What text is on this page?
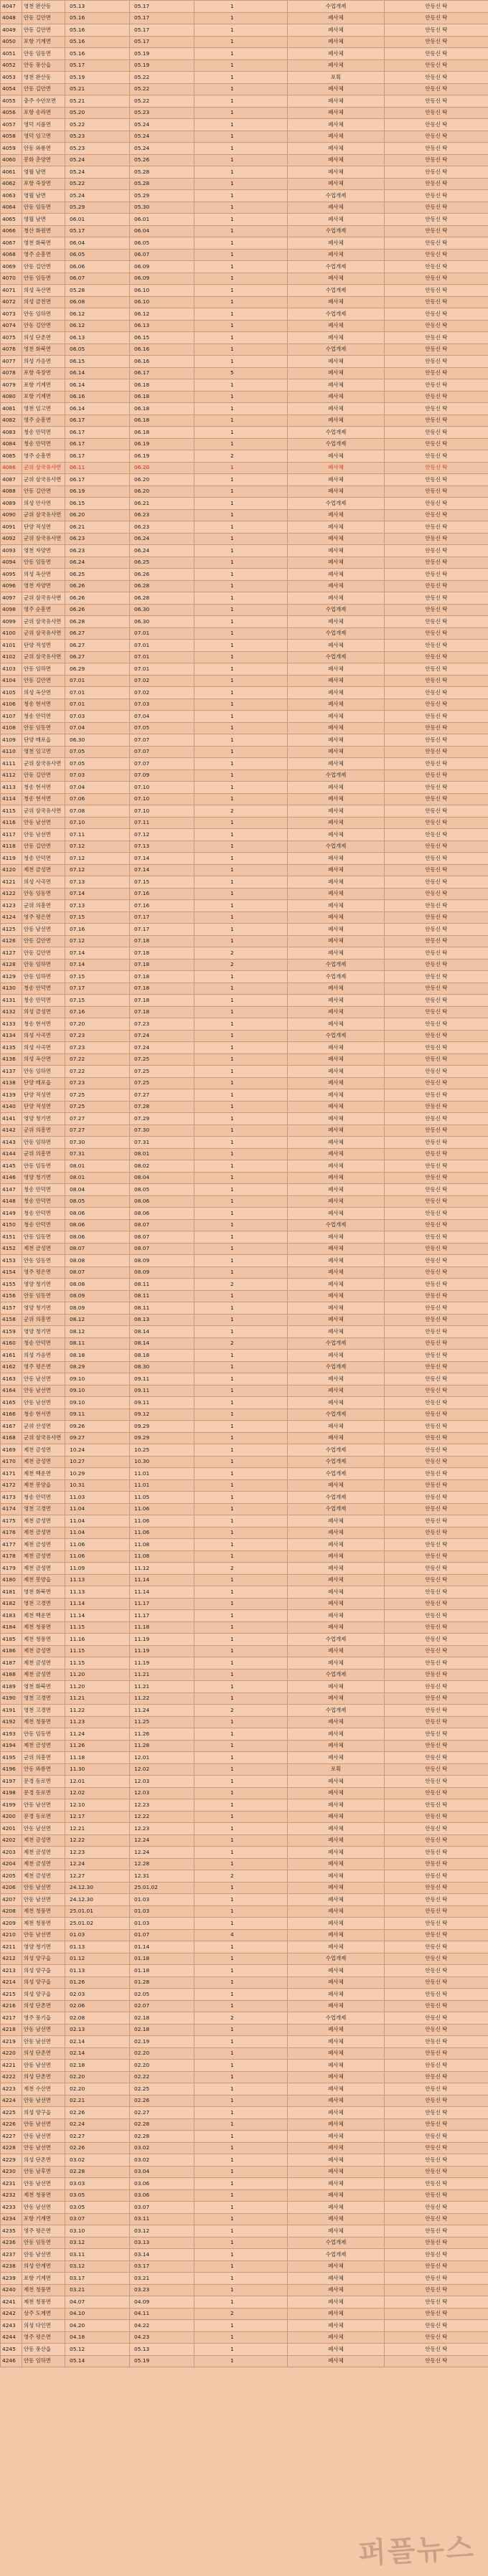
4047	영천 완산동	05.13	05.17	1	수업개제	안동신 탁
4048	안동 길안면	05.16	05.17	1	폐사체	안동신 탁
4049	안동 길안면	05.16	05.17	1	폐사체	안동신 탁
4050	포항 기계면	05.16	05.17	1	폐사체	안동신 탁
4051	안동 임동면	05.16	05.19	1	폐사체	안동신 탁
4052	안동 풍산읍	05.17	05.19	1	폐사체	안동신 탁
4053	영천 완산동	05.19	05.22	1	포획	안동신 탁
4054	안동 길안면	05.21	05.22	1	폐사체	안동신 탁
4055	충주 수안보면	05.21	05.22	1	폐사체	안동신 탁
4056	포항 송라면	05.20	05.23	1	폐사체	안동신 탁
4057	영덕 지품면	05.22	05.24	1	폐사체	안동신 탁
4058	영덕 임고면	05.23	05.24	1	폐사체	안동신 탁
4059	안동 와룡면	05.23	05.24	1	폐사체	안동신 탁
4060	봉화 춘양면	05.24	05.26	1	폐사체	안동신 탁
4061	영월 남면	05.24	05.28	1	폐사체	안동신 탁
4062	포항 죽장면	05.22	05.28	1	폐사체	안동신 탁
4063	영월 남면	05.24	05.29	1	수업개제	안동신 탁
4064	안동 임동면	05.29	05.30	1	폐사체	안동신 탁
4065	영월 남면	06.01	06.01	1	폐사체	안동신 탁
4066	청산 화원면	05.17	06.04	1	수업개제	안동신 탁
4067	영천 화북면	06.04	06.05	1	폐사체	안동신 탁
4068	영주 순흥면	06.05	06.07	1	폐사체	안동신 탁
4069	안동 길안면	06.06	06.09	1	수업개제	안동신 탁
4070	안동 임동면	06.07	06.09	1	폐사체	안동신 탁
4071	의성 옥산면	05.28	06.10	1	수업개제	안동신 탁
4072	의성 금천면	06.08	06.10	1	폐사체	안동신 탁
4073	안동 임하면	06.12	06.12	1	수업개제	안동신 탁
4074	안동 길안면	06.12	06.13	1	폐사체	안동신 탁
4075	의성 단촌면	06.13	06.15	1	폐사체	안동신 탁
4076	영천 화북면	06.05	06.16	1	수업개제	안동신 탁
4077	의성 가음면	06.15	06.16	1	폐사체	안동신 탁
4078	포항 죽장면	06.14	06.17	5	폐사체	안동신 탁
4079	포항 기계면	06.14	06.18	1	폐사체	안동신 탁
4080	포항 기계면	06.16	06.18	1	폐사체	안동신 탁
4081	영천 임고면	06.14	06.18	1	폐사체	안동신 탁
4082	영주 순흥면	06.17	06.18	1	폐사체	안동신 탁
4083	청송 안덕면	06.17	06.18	1	수업개제	안동신 탁
4084	청송 안덕면	06.17	06.19	1	수업개제	안동신 탁
4085	영주 순흥면	06.17	06.19	2	폐사체	안동신 탁
4086	군위 삼국유사면	06.11	06.20	1	폐사체	안동신 탁
4087	군위 삼국유사면	06.17	06.20	1	폐사체	안동신 탁
4088	안동 길안면	06.19	06.20	1	폐사체	안동신 탁
4089	의성 안사면	06.15	06.21	1	수업개제	안동신 탁
4090	군위 삼국유사면	06.20	06.23	1	폐사체	안동신 탁
4091	단양 적성면	06.21	06.23	1	폐사체	안동신 탁
4092	군위 삼국유사면	06.23	06.24	1	폐사체	안동신 탁
4093	영천 자양면	06.23	06.24	1	폐사체	안동신 탁
4094	안동 임동면	06.24	06.25	1	폐사체	안동신 탁
4095	의성 옥산면	06.25	06.26	1	폐사체	안동신 탁
4096	영천 자양면	06.26	06.28	1	폐사체	안동신 탁
4097	군위 삼국유사면	06.26	06.28	1	폐사체	안동신 탁
4098	영주 순흥면	06.26	06.30	1	수업개제	안동신 탁
4099	군위 삼국유사면	06.28	06.30	1	폐사체	안동신 탁
4100	군위 삼국유사면	06.27	07.01	1	수업개제	안동신 탁
4101	단양 적성면	06.27	07.01	1	폐사체	안동신 탁
4102	군위 삼국유사면	06.27	07.01	1	수업개제	안동신 탁
4103	안동 임하면	06.29	07.01	1	폐사체	안동신 탁
4104	안동 길안면	07.01	07.02	1	폐사체	안동신 탁
4105	의성 옥산면	07.01	07.02	1	폐사체	안동신 탁
4106	청송 현서면	07.01	07.03	1	폐사체	안동신 탁
4107	청송 안덕면	07.03	07.04	1	폐사체	안동신 탁
4108	안동 임동면	07.04	07.05	1	폐사체	안동신 탁
4109	단양 매포읍	06.30	07.07	1	폐사체	안동신 탁
4110	영천 임고면	07.05	07.07	1	폐사체	안동신 탁
4111	군위 삼국유사면	07.05	07.07	1	폐사체	안동신 탁
4112	안동 길안면	07.03	07.09	1	수업개제	안동신 탁
4113	청송 현서면	07.04	07.10	1	폐사체	안동신 탁
4114	청송 현서면	07.06	07.10	1	폐사체	안동신 탁
4115	군위 삼국유사면	07.08	07.10	2	폐사체	안동신 탁
4116	안동 남선면	07.10	07.11	1	폐사체	안동신 탁
4117	안동 남선면	07.11	07.12	1	폐사체	안동신 탁
4118	안동 길안면	07.12	07.13	1	수업개제	안동신 탁
4119	청송 안덕면	07.12	07.14	1	폐사체	안동신 탁
4120	제천 금성면	07.12	07.14	1	폐사체	안동신 탁
4121	의성 사곡면	07.13	07.15	1	폐사체	안동신 탁
4122	안동 임동면	07.14	07.16	1	폐사체	안동신 탁
4123	군위 의흥면	07.13	07.16	1	폐사체	안동신 탁
4124	영주 평은면	07.15	07.17	1	폐사체	안동신 탁
4125	안동 남선면	07.16	07.17	1	폐사체	안동신 탁
4126	안동 길안면	07.12	07.18	1	폐사체	안동신 탁
4127	안동 길안면	07.14	07.18	2	폐사체	안동신 탁
4128	안동 임하면	07.14	07.18	2	수업개제	안동신 탁
4129	안동 임하면	07.15	07.18	1	수업개제	안동신 탁
4130	청송 안덕면	07.17	07.18	1	폐사체	안동신 탁
4131	청송 안덕면	07.15	07.18	1	폐사체	안동신 탁
4132	의성 금성면	07.16	07.18	1	폐사체	안동신 탁
4133	청송 현서면	07.20	07.23	1	폐사체	안동신 탁
4134	의성 사곡면	07.23	07.24	1	수업개제	안동신 탁
4135	의성 사곡면	07.23	07.24	1	폐사체	안동신 탁
4136	의성 옥산면	07.22	07.25	1	폐사체	안동신 탁
4137	안동 임하면	07.22	07.25	1	폐사체	안동신 탁
4138	단양 매포읍	07.23	07.25	1	폐사체	안동신 탁
4139	단양 적성면	07.25	07.27	1	폐사체	안동신 탁
4140	단양 적성면	07.25	07.28	1	폐사체	안동신 탁
4141	영양 청기면	07.27	07.29	1	폐사체	안동신 탁
4142	군위 의흥면	07.27	07.30	1	폐사체	안동신 탁
4143	안동 임하면	07.30	07.31	1	폐사체	안동신 탁
4144	군위 의흥면	07.31	08.01	1	폐사체	안동신 탁
4145	안동 임동면	08.01	08.02	1	폐사체	안동신 탁
4146	영양 청기면	08.01	08.04	1	폐사체	안동신 탁
4147	청송 안덕면	08.04	08.05	1	폐사체	안동신 탁
4148	청송 안덕면	08.05	08.06	1	폐사체	안동신 탁
4149	청송 안덕면	08.06	08.06	1	폐사체	안동신 탁
4150	청송 안덕면	08.06	08.07	1	수업개제	안동신 탁
4151	안동 임동면	08.06	08.07	1	폐사체	안동신 탁
4152	제천 금성면	08.07	08.07	1	폐사체	안동신 탁
4153	안동 임동면	08.08	08.09	1	폐사체	안동신 탁
4154	영주 평은면	08.07	08.09	1	폐사체	안동신 탁
4155	영양 청기면	08.08	08.11	2	폐사체	안동신 탁
4156	안동 임동면	08.09	08.11	1	폐사체	안동신 탁
4157	영양 청기면	08.09	08.11	1	폐사체	안동신 탁
4158	군위 의흥면	08.12	08.13	1	폐사체	안동신 탁
4159	영양 청기면	08.12	08.14	1	폐사체	안동신 탁
4160	청송 안덕면	08.11	08.14	2	수업개제	안동신 탁
4161	의성 가음면	08.18	08.18	1	폐사체	안동신 탁
4162	영주 평은면	08.29	08.30	1	수업개제	안동신 탁
4163	안동 남선면	09.10	09.11	1	폐사체	안동신 탁
4164	안동 남선면	09.10	09.11	1	폐사체	안동신 탁
4165	안동 남선면	09.10	09.11	1	폐사체	안동신 탁
4166	청송 현서면	09.11	09.12	1	수업개제	안동신 탁
4167	군위 산성면	09.26	09.29	1	폐사체	안동신 탁
4168	군위 삼국유사면	09.27	09.29	1	폐사체	안동신 탁
4169	제천 금성면	10.24	10.25	1	수업개제	안동신 탁
4170	제천 금성면	10.27	10.30	1	수업개제	안동신 탁
4171	제천 백운면	10.29	11.01	1	수업개제	안동신 탁
4172	제천 봉양읍	10.31	11.01	1	폐사체	안동신 탁
4173	청송 안덕면	11.03	11.05	1	수업개제	안동신 탁
4174	영천 고경면	11.04	11.06	1	수업개제	안동신 탁
4175	제천 금성면	11.04	11.06	1	폐사체	안동신 탁
4176	제천 금성면	11.04	11.06	1	폐사체	안동신 탁
4177	제천 금성면	11.06	11.08	1	폐사체	안동신 탁
4178	제천 금성면	11.06	11.08	1	폐사체	안동신 탁
4179	제천 금성면	11.09	11.12	2	폐사체	안동신 탁
4180	제천 봉양읍	11.13	11.14	1	폐사체	안동신 탁
4181	영천 화북면	11.13	11.14	1	폐사체	안동신 탁
4182	영천 고경면	11.14	11.17	1	폐사체	안동신 탁
4183	제천 백운면	11.14	11.17	1	폐사체	안동신 탁
4184	제천 청풍면	11.15	11.18	1	폐사체	안동신 탁
4185	제천 청풍면	11.16	11.19	1	수업개제	안동신 탁
4186	제천 금성면	11.15	11.19	1	폐사체	안동신 탁
4187	제천 금성면	11.15	11.19	1	폐사체	안동신 탁
4188	제천 금성면	11.20	11.21	1	수업개제	안동신 탁
4189	영천 화북면	11.20	11.21	1	폐사체	안동신 탁
4190	영천 고경면	11.21	11.22	1	폐사체	안동신 탁
4191	영천 고경면	11.22	11.24	2	수업개제	안동신 탁
4192	제천 청풍면	11.23	11.25	1	폐사체	안동신 탁
4193	안동 임동면	11.24	11.26	1	폐사체	안동신 탁
4194	제천 금성면	11.26	11.28	1	폐사체	안동신 탁
4195	군위 의흥면	11.18	12.01	1	폐사체	안동신 탁
4196	안동 와룡면	11.30	12.02	1	포획	안동신 탁
4197	문경 동로면	12.01	12.03	1	폐사체	안동신 탁
4198	문경 동로면	12.02	12.03	1	폐사체	안동신 탁
4199	안동 남선면	12.10	12.23	1	폐사체	안동신 탁
4200	문경 동로면	12.17	12.22	1	폐사체	안동신 탁
4201	안동 남선면	12.21	12.23	1	폐사체	안동신 탁
4202	제천 금성면	12.22	12.24	1	폐사체	안동신 탁
4203	제천 금성면	12.23	12.24	1	폐사체	안동신 탁
4204	제천 금성면	12.24	12.28	1	폐사체	안동신 탁
4205	제천 금성면	12.27	12.31	2	폐사체	안동신 탁
4206	안동 남선면	24.12.30	25.01.02	1	폐사체	안동신 탁
4207	안동 남선면	24.12.30	01.03	1	폐사체	안동신 탁
4208	제천 청풍면	25.01.01	01.03	1	폐사체	안동신 탁
4209	제천 청풍면	25.01.02	01.03	1	폐사체	안동신 탁
4210	안동 남선면	01.03	01.07	4	폐사체	안동신 탁
4211	영양 청기면	01.13	01.14	1	폐사체	안동신 탁
4212	의성 양구읍	01.12	01.18	1	수업개제	안동신 탁
4213	의성 양구읍	01.13	01.18	1	폐사체	안동신 탁
4214	의성 양구읍	01.26	01.28	1	폐사체	안동신 탁
4215	의성 양구읍	02.03	02.05	1	폐사체	안동신 탁
4216	의성 단촌면	02.06	02.07	1	폐사체	안동신 탁
4217	영주 풍기읍	02.08	02.18	2	수업개제	안동신 탁
4218	안동 남선면	02.13	02.18	1	폐사체	안동신 탁
4219	안동 남선면	02.14	02.19	1	폐사체	안동신 탁
4220	의성 단촌면	02.14	02.20	1	폐사체	안동신 탁
4221	안동 남선면	02.18	02.20	1	폐사체	안동신 탁
4222	의성 단촌면	02.20	02.22	1	폐사체	안동신 탁
4223	제천 수산면	02.20	02.25	1	폐사체	안동신 탁
4224	안동 남선면	02.21	02.26	1	폐사체	안동신 탁
4225	의성 양구읍	02.26	02.27	1	폐사체	안동신 탁
4226	안동 남선면	02.24	02.28	1	폐사체	안동신 탁
4227	안동 남선면	02.27	02.28	1	폐사체	안동신 탁
4228	안동 남선면	02.26	03.02	1	폐사체	안동신 탁
4229	의성 단촌면	03.02	03.02	1	폐사체	안동신 탁
4230	안동 남후면	02.28	03.04	1	폐사체	안동신 탁
4231	안동 남선면	03.03	03.06	1	폐사체	안동신 탁
4232	제천 청풍면	03.05	03.06	1	폐사체	안동신 탁
4233	안동 남선면	03.05	03.07	1	폐사체	안동신 탁
4234	포항 기계면	03.07	03.11	1	폐사체	안동신 탁
4235	영주 평은면	03.10	03.12	1	폐사체	안동신 탁
4236	안동 임동면	03.12	03.13	1	수업개제	안동신 탁
4237	안동 남선면	03.11	03.14	1	수업개제	안동신 탁
4238	의성 안계면	03.12	03.17	1	폐사체	안동신 탁
4239	포항 기계면	03.17	03.21	1	폐사체	안동신 탁
4240	제천 청풍면	03.21	03.23	1	폐사체	안동신 탁
4241	제천 청풍면	04.07	04.09	1	폐사체	안동신 탁
4242	상주 도계면	04.10	04.11	2	폐사체	안동신 탁
4243	의성 다인면	04.20	04.22	1	폐사체	안동신 탁
4244	영주 평은면	04.18	04.23	1	폐사체	안동신 탁
4245	안동 풍산읍	05.12	05.13	1	폐사체	안동신 탁
4246	안동 임하면	05.14	05.19	1	폐사체	안동신 탁
퍼플뉴스
